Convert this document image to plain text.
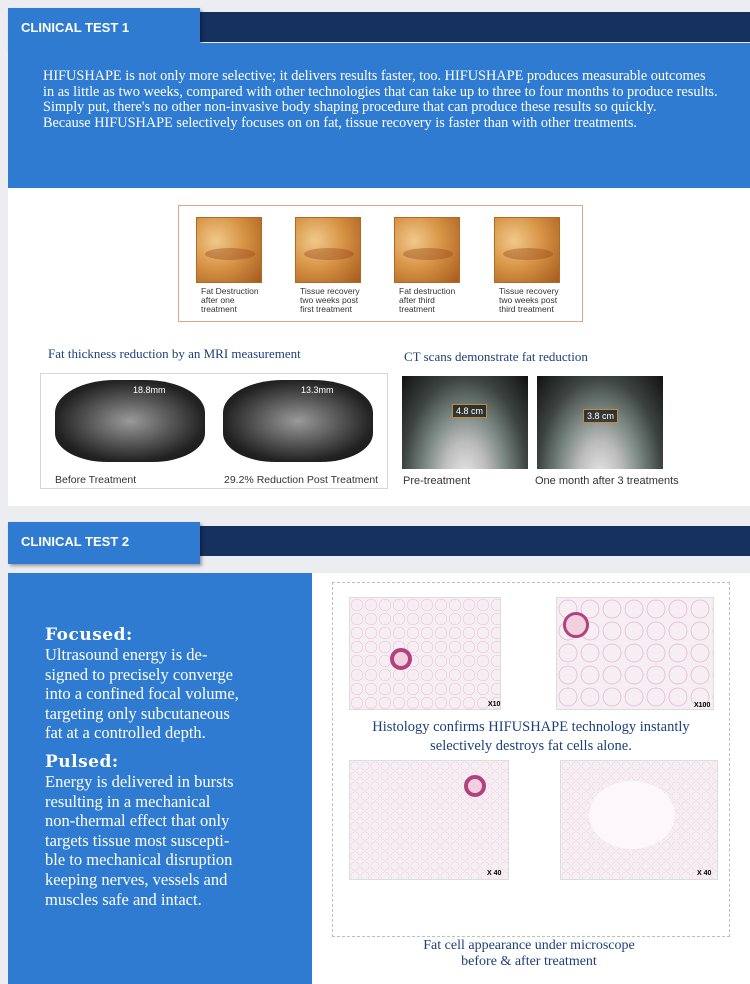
CLINICAL TEST 1

HIFUSHAPE is not only more selective; it delivers results faster, too. HIFUSHAPE produces measurable outcomes in as little as two weeks, compared with other technologies that can take up to three to four months to produce results.

Simply put, there's no other non-invasive body shaping procedure that can produce these results so quickly.

Because HIFUSHAPE selectively focuses on on fat, tissue recovery is faster than with other treatments.

Fat Destruction after one treatment
Tissue recovery two weeks post first treatment
Fat destruction after third treatment
Tissue recovery two weeks post third treatment
Fat thickness reduction by an MRI measurement
18.8mm	13.3mm
Before Treatment	29.2% Reduction Post Treatment
CT scans demonstrate fat reduction
4.8 cm	3.8 cm
Pre-treatment	One month after 3 treatments
CLINICAL TEST 2
Focused:

Ultrasound energy is de-

signed to precisely converge

into a confined focal volume,

targeting only subcutaneous

fat at a controlled depth.

Pulsed:

Energy is delivered in bursts

resulting in a mechanical

non-thermal effect that only

targets tissue most suscepti-

ble to mechanical disruption

keeping nerves, vessels and

muscles safe and intact.

X10	X100
Histology confirms HIFUSHAPE technology instantly
selectively destroys fat cells alone.
X 40	X 40
Fat cell appearance under microscope
before & after treatment
